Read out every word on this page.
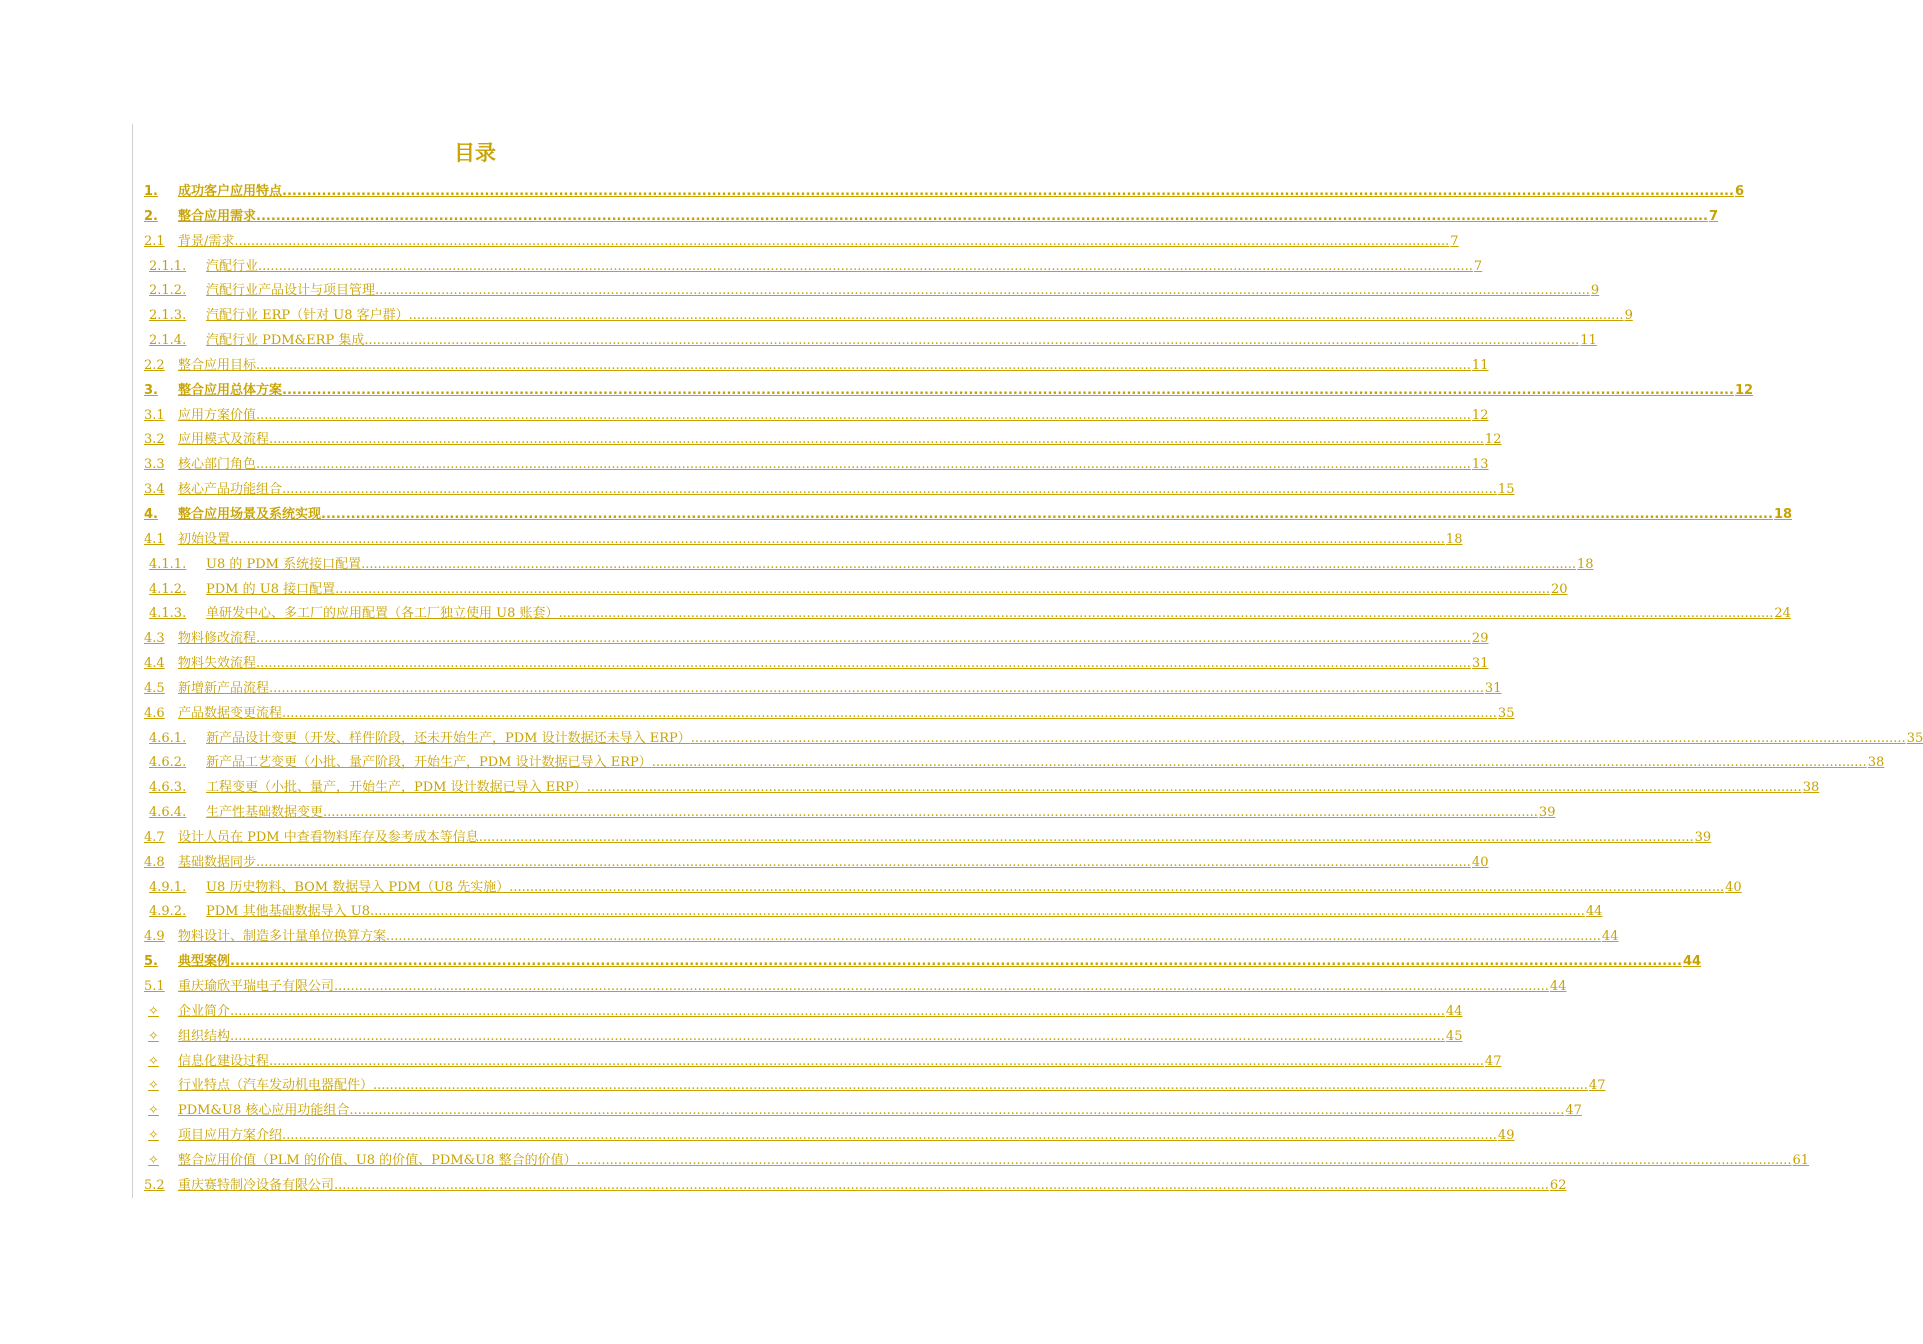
目录
1.	成功客户应用特点 .....	6
2.	整合应用需求 .....	7
2.1	背景/需求 .....	7
2.1.1.	汽配行业 .....	7
2.1.2.	汽配行业产品设计与项目管理 .....	9
2.1.3.	汽配行业 ERP（针对 U8 客户群） .....	9
2.1.4.	汽配行业 PDM&ERP 集成 .....	11
2.2	整合应用目标 .....	11
3.	整合应用总体方案 .....	12
3.1	应用方案价值 .....	12
3.2	应用模式及流程 .....	12
3.3	核心部门角色 .....	13
3.4	核心产品功能组合 .....	15
4.	整合应用场景及系统实现 .....	18
4.1	初始设置 .....	18
4.1.1.	U8 的 PDM 系统接口配置 .....	18
4.1.2.	PDM 的 U8 接口配置 .....	20
4.1.3.	单研发中心、多工厂的应用配置（各工厂独立使用 U8 账套） .....	24
4.3	物料修改流程 .....	29
4.4	物料失效流程 .....	31
4.5	新增新产品流程 .....	31
4.6	产品数据变更流程 .....	35
4.6.1.	新产品设计变更（开发、样件阶段，还未开始生产，PDM 设计数据还未导入 ERP） .....	35
4.6.2.	新产品工艺变更（小批、量产阶段，开始生产，PDM 设计数据已导入 ERP） .....	38
4.6.3.	工程变更（小批、量产，开始生产，PDM 设计数据已导入 ERP） .....	38
4.6.4.	生产性基础数据变更 .....	39
4.7	设计人员在 PDM 中查看物料库存及参考成本等信息 .....	39
4.8	基础数据同步 .....	40
4.9.1.	U8 历史物料、BOM 数据导入 PDM（U8 先实施） .....	40
4.9.2.	PDM 其他基础数据导入 U8 .....	44
4.9	物料设计、制造多计量单位换算方案 .....	44
5.	典型案例 .....	44
5.1	重庆瑜欣平瑞电子有限公司 .....	44
✧	企业简介 .....	44
✧	组织结构 .....	45
✧	信息化建设过程 .....	47
✧	行业特点（汽车发动机电器配件） .....	47
✧	PDM&U8 核心应用功能组合 .....	47
✧	项目应用方案介绍 .....	49
✧	整合应用价值（PLM 的价值、U8 的价值、PDM&U8 整合的价值） .....	61
5.2	重庆赛特制冷设备有限公司 .....	62
